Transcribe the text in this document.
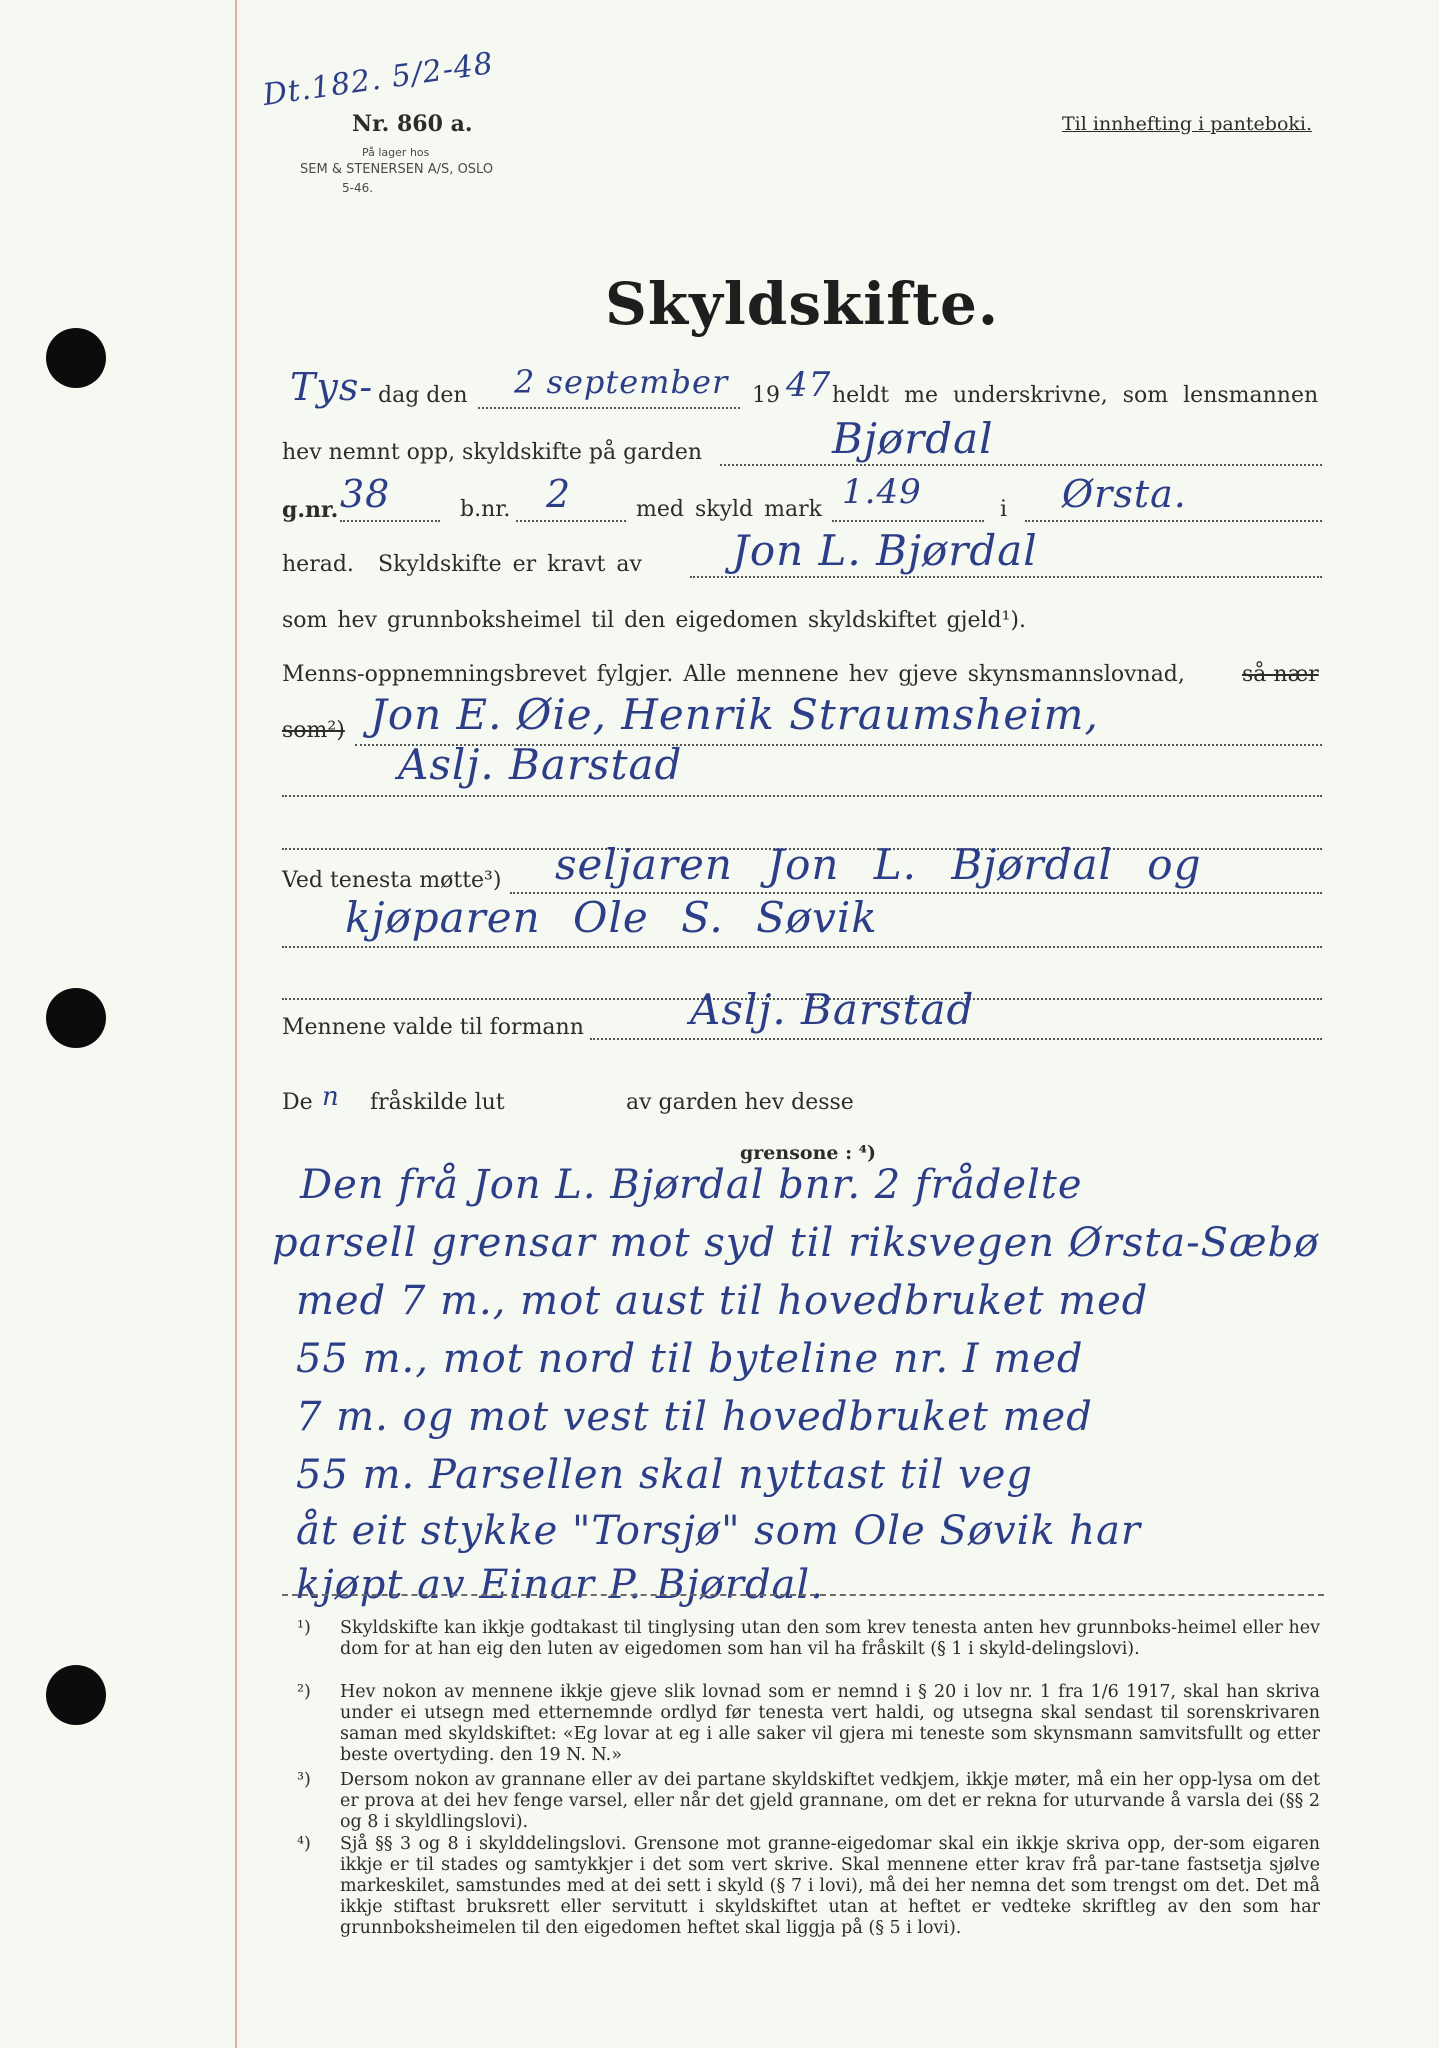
Dt.182. 5/2-48
Nr. 860 a.
På lager hos
SEM & STENERSEN A/S, OSLO
5-46.
Til innhefting i panteboki.
Skyldskifte.
Tys- dag den 2 september 19 47 heldt me underskrivne, som lensmannen
hev nemnt opp, skyldskifte på garden	Bjørdal
g.nr. 38	b.nr. 2	med skyld mark 1.49	i Ørsta.
herad. Skyldskifte er kravt av Jon L. Bjørdal
som hev grunnboksheimel til den eigedomen skyldskiftet gjeld¹).
Menns-oppnemningsbrevet fylgjer. Alle mennene hev gjeve skynsmannslovnad,	så nær
som²) Jon E. Øie, Henrik Straumsheim,
Aslj. Barstad
Ved tenesta møtte³) seljaren Jon L. Bjørdal og
kjøparen Ole S. Søvik
Mennene valde til formann	Aslj. Barstad
De n fråskilde lut	av garden hev desse
grensone : ⁴)
Den frå Jon L. Bjørdal bnr. 2 frådelte
parsell grensar mot syd til riksvegen Ørsta-Sæbø
med 7 m., mot aust til hovedbruket med
55 m., mot nord til byteline nr. I med
7 m. og mot vest til hovedbruket med
55 m. Parsellen skal nyttast til veg
åt eit stykke "Torsjø" som Ole Søvik har
kjøpt av Einar P. Bjørdal.
¹) Skyldskifte kan ikkje godtakast til tinglysing utan den som krev tenesta anten hev grunnboks-heimel eller hev dom for at han eig den luten av eigedomen som han vil ha fråskilt (§ 1 i skyld-delingslovi).
²) Hev nokon av mennene ikkje gjeve slik lovnad som er nemnd i § 20 i lov nr. 1 fra 1/6 1917, skal han skriva under ei utsegn med etternemnde ordlyd før tenesta vert haldi, og utsegna skal sendast til sorenskrivaren saman med skyldskiftet: «Eg lovar at eg i alle saker vil gjera mi teneste som skynsmann samvitsfullt og etter beste overtyding. den 19 N. N.»
³) Dersom nokon av grannane eller av dei partane skyldskiftet vedkjem, ikkje møter, må ein her opp-lysa om det er prova at dei hev fenge varsel, eller når det gjeld grannane, om det er rekna for uturvande å varsla dei (§§ 2 og 8 i skyldlingslovi).
⁴) Sjå §§ 3 og 8 i skylddelingslovi. Grensone mot granne-eigedomar skal ein ikkje skriva opp, der-som eigaren ikkje er til stades og samtykkjer i det som vert skrive. Skal mennene etter krav frå par-tane fastsetja sjølve markeskilet, samstundes med at dei sett i skyld (§ 7 i lovi), må dei her nemna det som trengst om det. Det må ikkje stiftast bruksrett eller servitutt i skyldskiftet utan at heftet er vedteke skriftleg av den som har grunnboksheimelen til den eigedomen heftet skal liggja på (§ 5 i lovi).
